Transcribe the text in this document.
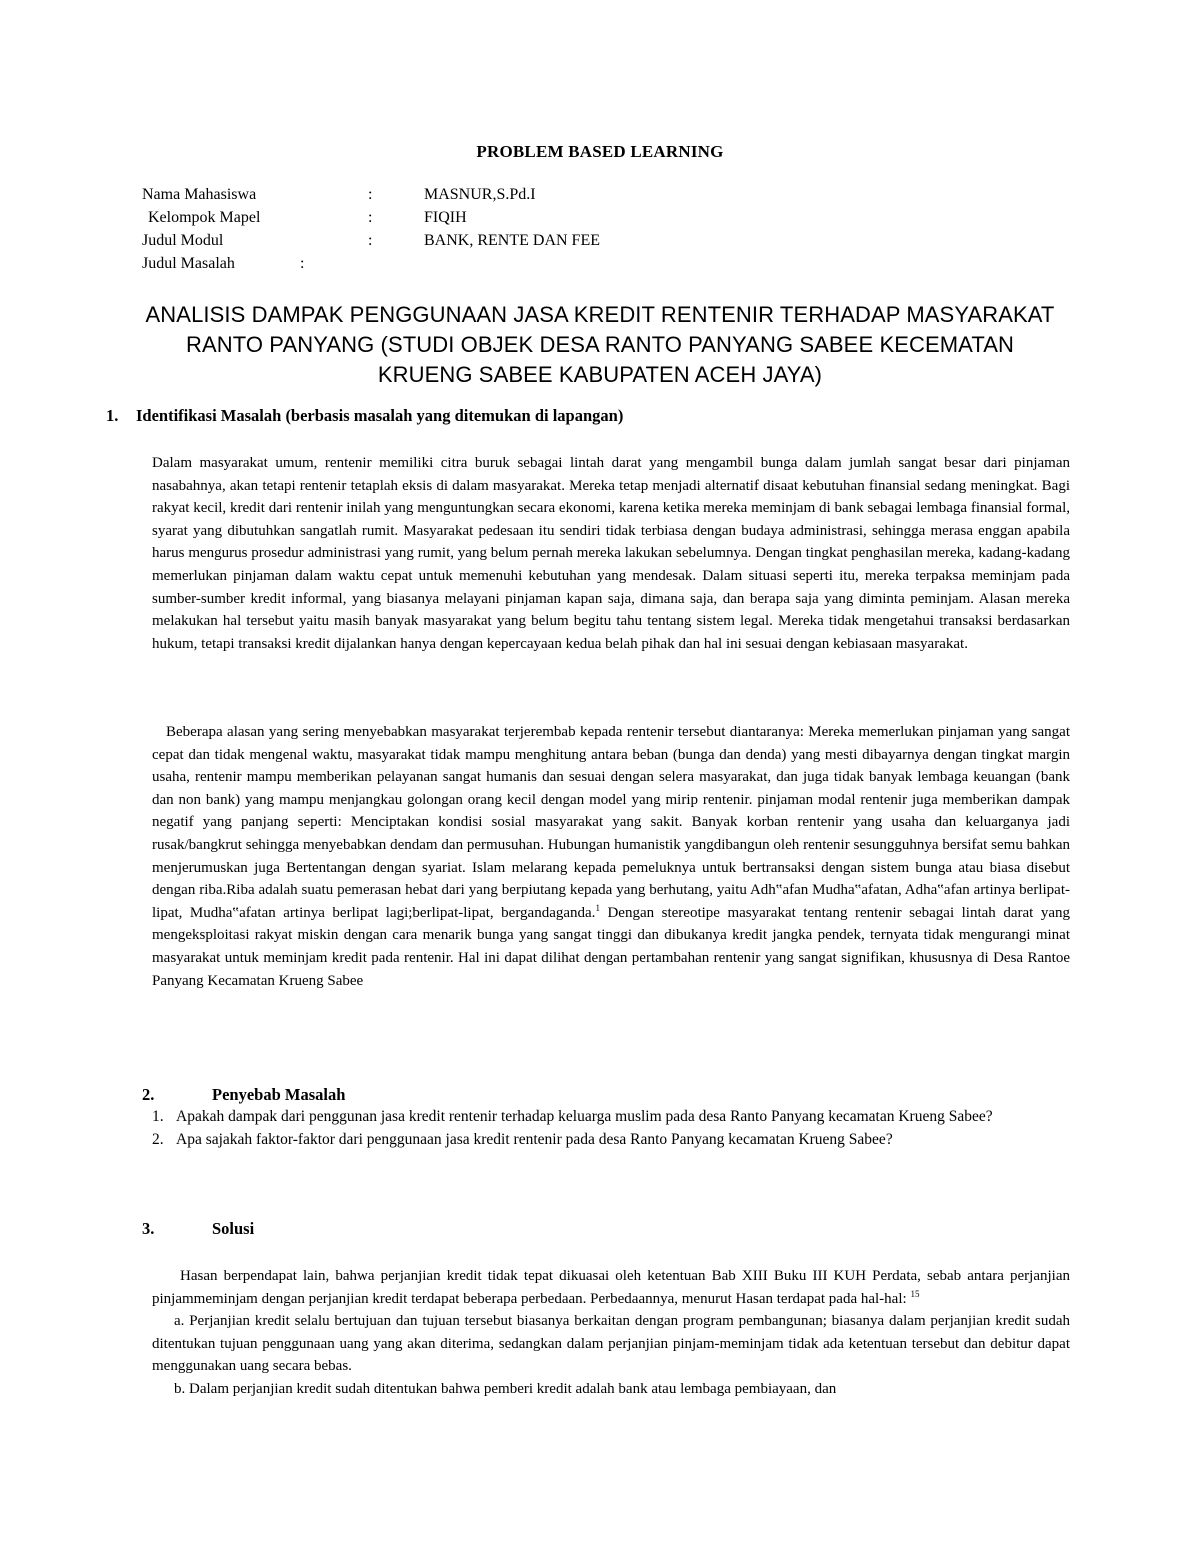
PROBLEM BASED LEARNING
Nama Mahasiswa	:	MASNUR,S.Pd.I
Kelompok Mapel	:	FIQIH
Judul Modul	:	BANK, RENTE DAN FEE
Judul Masalah	:
ANALISIS DAMPAK PENGGUNAAN JASA KREDIT RENTENIR TERHADAP MASYARAKAT
RANTO PANYANG (STUDI OBJEK DESA RANTO PANYANG SABEE KECEMATAN
KRUENG SABEE KABUPATEN ACEH JAYA)
1. Identifikasi Masalah (berbasis masalah yang ditemukan di lapangan)
Dalam masyarakat umum, rentenir memiliki citra buruk sebagai lintah darat yang mengambil bunga dalam jumlah sangat besar dari pinjaman nasabahnya, akan tetapi rentenir tetaplah eksis di dalam masyarakat. Mereka tetap menjadi alternatif disaat kebutuhan finansial sedang meningkat. Bagi rakyat kecil, kredit dari rentenir inilah yang menguntungkan secara ekonomi, karena ketika mereka meminjam di bank sebagai lembaga finansial formal, syarat yang dibutuhkan sangatlah rumit. Masyarakat pedesaan itu sendiri tidak terbiasa dengan budaya administrasi, sehingga merasa enggan apabila harus mengurus prosedur administrasi yang rumit, yang belum pernah mereka lakukan sebelumnya. Dengan tingkat penghasilan mereka, kadang-kadang memerlukan pinjaman dalam waktu cepat untuk memenuhi kebutuhan yang mendesak. Dalam situasi seperti itu, mereka terpaksa meminjam pada sumber-sumber kredit informal, yang biasanya melayani pinjaman kapan saja, dimana saja, dan berapa saja yang diminta peminjam. Alasan mereka melakukan hal tersebut yaitu masih banyak masyarakat yang belum begitu tahu tentang sistem legal. Mereka tidak mengetahui transaksi berdasarkan hukum, tetapi transaksi kredit dijalankan hanya dengan kepercayaan kedua belah pihak dan hal ini sesuai dengan kebiasaan masyarakat.
Beberapa alasan yang sering menyebabkan masyarakat terjerembab kepada rentenir tersebut diantaranya: Mereka memerlukan pinjaman yang sangat cepat dan tidak mengenal waktu, masyarakat tidak mampu menghitung antara beban (bunga dan denda) yang mesti dibayarnya dengan tingkat margin usaha, rentenir mampu memberikan pelayanan sangat humanis dan sesuai dengan selera masyarakat, dan juga tidak banyak lembaga keuangan (bank dan non bank) yang mampu menjangkau golongan orang kecil dengan model yang mirip rentenir. pinjaman modal rentenir juga memberikan dampak negatif yang panjang seperti: Menciptakan kondisi sosial masyarakat yang sakit. Banyak korban rentenir yang usaha dan keluarganya jadi rusak/bangkrut sehingga menyebabkan dendam dan permusuhan. Hubungan humanistik yangdibangun oleh rentenir sesungguhnya bersifat semu bahkan menjerumuskan juga Bertentangan dengan syariat. Islam melarang kepada pemeluknya untuk bertransaksi dengan sistem bunga atau biasa disebut dengan riba.Riba adalah suatu pemerasan hebat dari yang berpiutang kepada yang berhutang, yaitu Adh‟afan Mudha‟afatan, Adha‟afan artinya berlipat-lipat, Mudha‟afatan artinya berlipat lagi;berlipat-lipat, bergandaganda.$^1$ Dengan stereotipe masyarakat tentang rentenir sebagai lintah darat yang mengeksploitasi rakyat miskin dengan cara menarik bunga yang sangat tinggi dan dibukanya kredit jangka pendek, ternyata tidak mengurangi minat masyarakat untuk meminjam kredit pada rentenir. Hal ini dapat dilihat dengan pertambahan rentenir yang sangat signifikan, khususnya di Desa Rantoe Panyang Kecamatan Krueng Sabee
2.	Penyebab Masalah
1. Apakah dampak dari penggunan jasa kredit rentenir terhadap keluarga muslim pada desa Ranto Panyang kecamatan Krueng Sabee?
2. Apa sajakah faktor-faktor dari penggunaan jasa kredit rentenir pada desa Ranto Panyang kecamatan Krueng Sabee?
3.	Solusi

Hasan berpendapat lain, bahwa perjanjian kredit tidak tepat dikuasai oleh ketentuan Bab XIII Buku III KUH Perdata, sebab antara perjanjian pinjammeminjam dengan perjanjian kredit terdapat beberapa perbedaan. Perbedaannya, menurut Hasan terdapat pada hal-hal: $^{15}$

a. Perjanjian kredit selalu bertujuan dan tujuan tersebut biasanya berkaitan dengan program pembangunan; biasanya dalam perjanjian kredit sudah ditentukan tujuan penggunaan uang yang akan diterima, sedangkan dalam perjanjian pinjam-meminjam tidak ada ketentuan tersebut dan debitur dapat menggunakan uang secara bebas.

b. Dalam perjanjian kredit sudah ditentukan bahwa pemberi kredit adalah bank atau lembaga pembiayaan, dan
